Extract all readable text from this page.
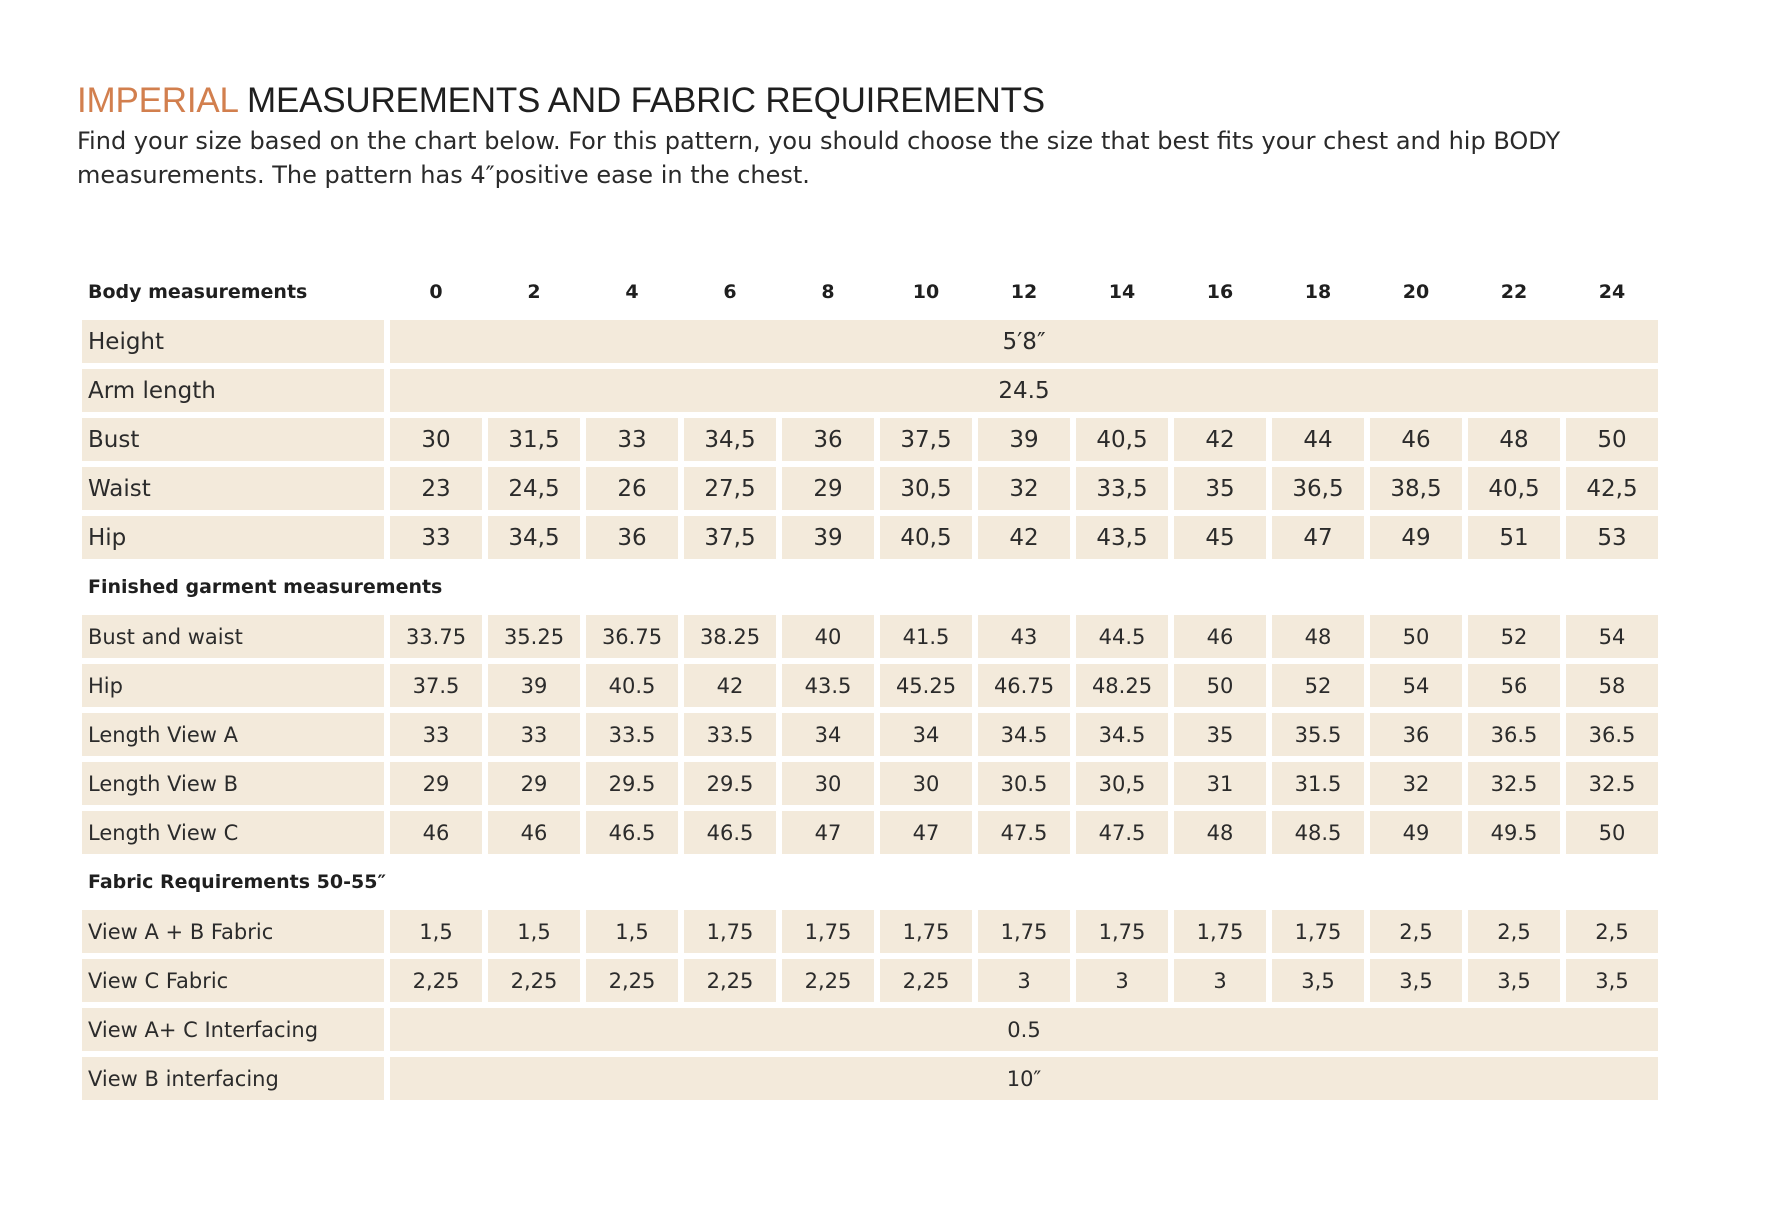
IMPERIAL MEASUREMENTS AND FABRIC REQUIREMENTS

Find your size based on the chart below. For this pattern, you should choose the size that best fits your chest and hip BODY measurements. The pattern has 4″positive ease in the chest.

Body measurements	0	2	4	6	8	10	12	14	16	18	20	22	24
Height	5′8″
Arm length	24.5
Bust	30	31,5	33	34,5	36	37,5	39	40,5	42	44	46	48	50
Waist	23	24,5	26	27,5	29	30,5	32	33,5	35	36,5	38,5	40,5	42,5
Hip	33	34,5	36	37,5	39	40,5	42	43,5	45	47	49	51	53
Finished garment measurements
Bust and waist	33.75	35.25	36.75	38.25	40	41.5	43	44.5	46	48	50	52	54
Hip	37.5	39	40.5	42	43.5	45.25	46.75	48.25	50	52	54	56	58
Length View A	33	33	33.5	33.5	34	34	34.5	34.5	35	35.5	36	36.5	36.5
Length View B	29	29	29.5	29.5	30	30	30.5	30,5	31	31.5	32	32.5	32.5
Length View C	46	46	46.5	46.5	47	47	47.5	47.5	48	48.5	49	49.5	50
Fabric Requirements 50-55″
View A + B Fabric	1,5	1,5	1,5	1,75	1,75	1,75	1,75	1,75	1,75	1,75	2,5	2,5	2,5
View C Fabric	2,25	2,25	2,25	2,25	2,25	2,25	3	3	3	3,5	3,5	3,5	3,5
View A+ C Interfacing	0.5
View B interfacing	10″
